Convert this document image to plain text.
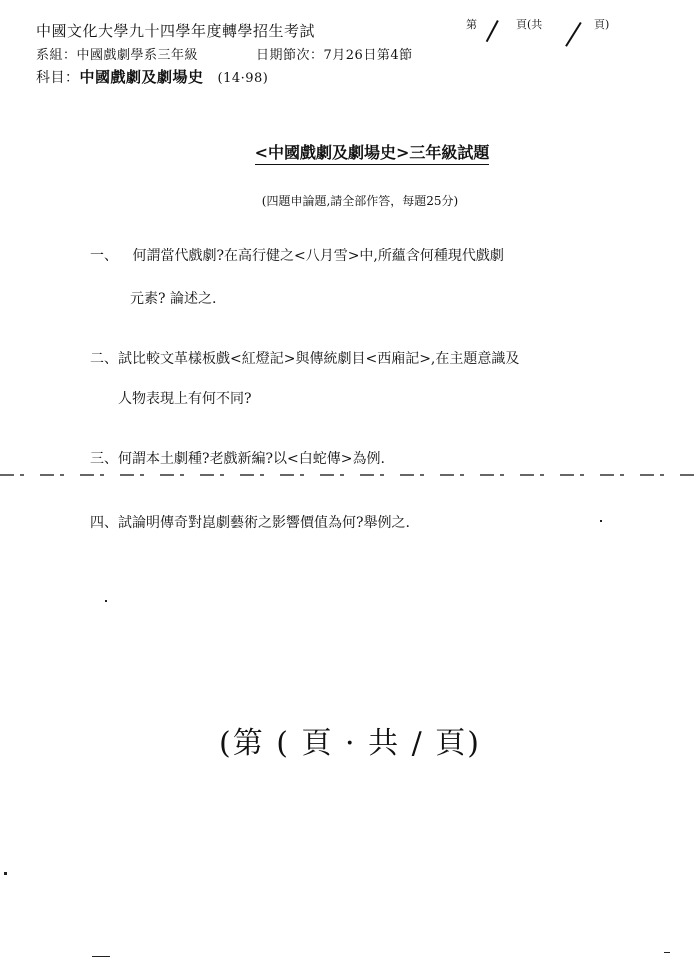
中國文化大學九十四學年度轉學招生考試
系組：中國戲劇學系三年級	日期節次：7月26日第4節
科目：中國戲劇及劇場史 (14·98)
第	頁(共	頁)
<中國戲劇及劇場史>三年級試題
(四題申論題,請全部作答，每題25分)
一、 何謂當代戲劇?在高行健之<八月雪>中,所蘊含何種現代戲劇
元素? 論述之.
二、試比較文革樣板戲<紅燈記>與傳統劇目<西廂記>,在主題意識及
人物表現上有何不同?
三、何謂本土劇種?老戲新編?以<白蛇傳>為例.
四、試論明傳奇對崑劇藝術之影響價值為何?舉例之.
(第 ( 頁 · 共 / 頁)
